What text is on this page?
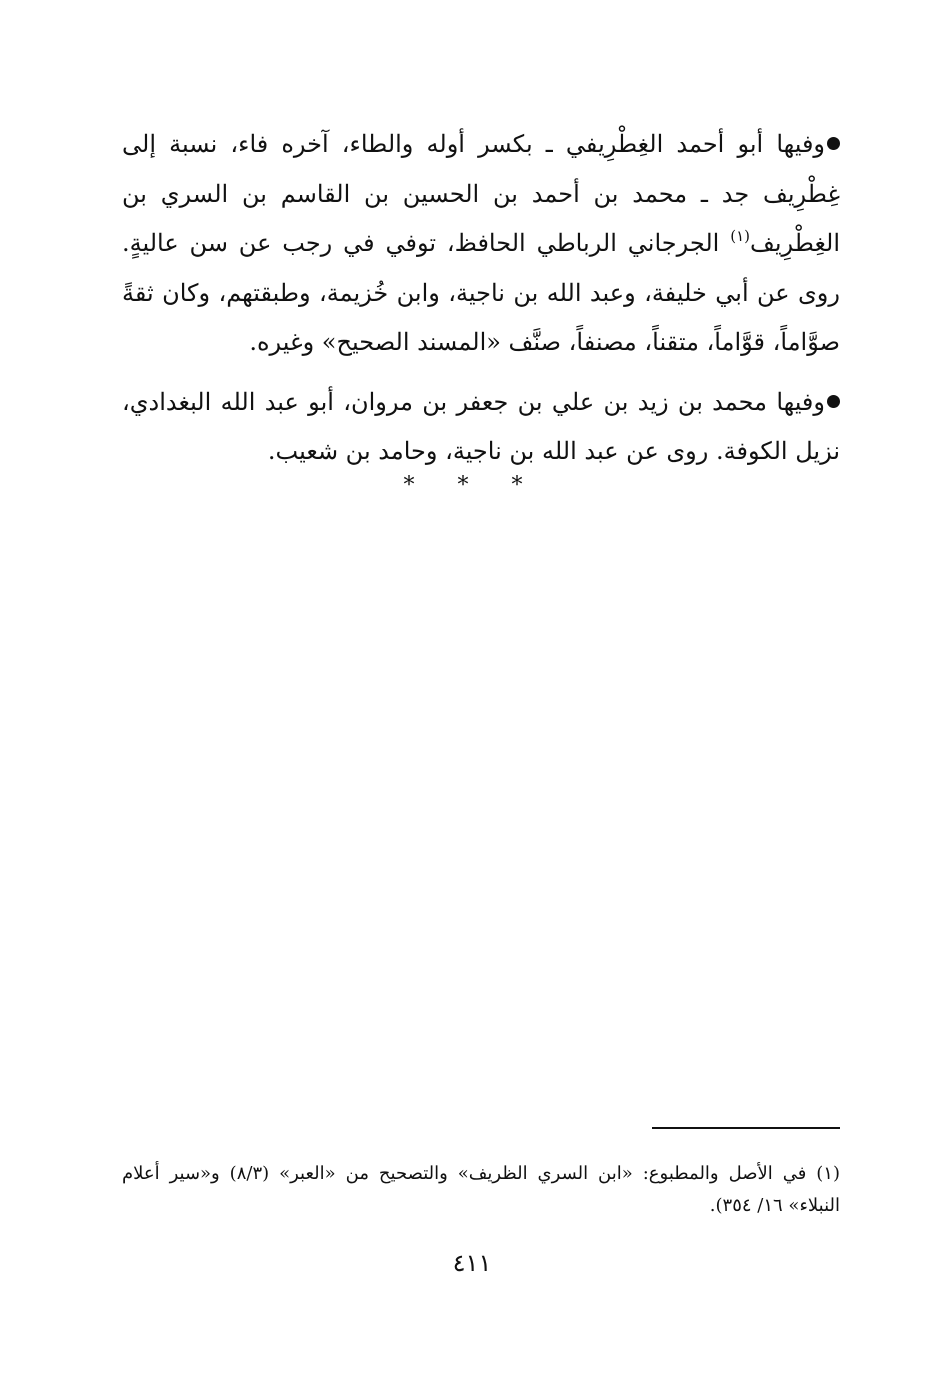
وفيها أبو أحمد الغِطْرِيفي ـ بكسر أوله والطاء، آخره فاء، نسبة إلى غِطْرِيف جد ـ محمد بن أحمد بن الحسين بن القاسم بن السري بن الغِطْرِيف$^{(١)}$ الجرجاني الرباطي الحافظ، توفي في رجب عن سن عاليةٍ. روى عن أبي خليفة، وعبد الله بن ناجية، وابن خُزيمة، وطبقتهم، وكان ثقةً صوَّاماً، قوَّاماً، متقناً، مصنفاً، صنَّف «المسند الصحيح» وغيره.

وفيها محمد بن زيد بن علي بن جعفر بن مروان، أبو عبد الله البغدادي، نزيل الكوفة. روى عن عبد الله بن ناجية، وحامد بن شعيب.

* * *
(١) في الأصل والمطبوع: «ابن السري الظريف» والتصحيح من «العبر» (٨/٣) و«سير أعلام النبلاء» ١٦/ ٣٥٤).
٤١١
